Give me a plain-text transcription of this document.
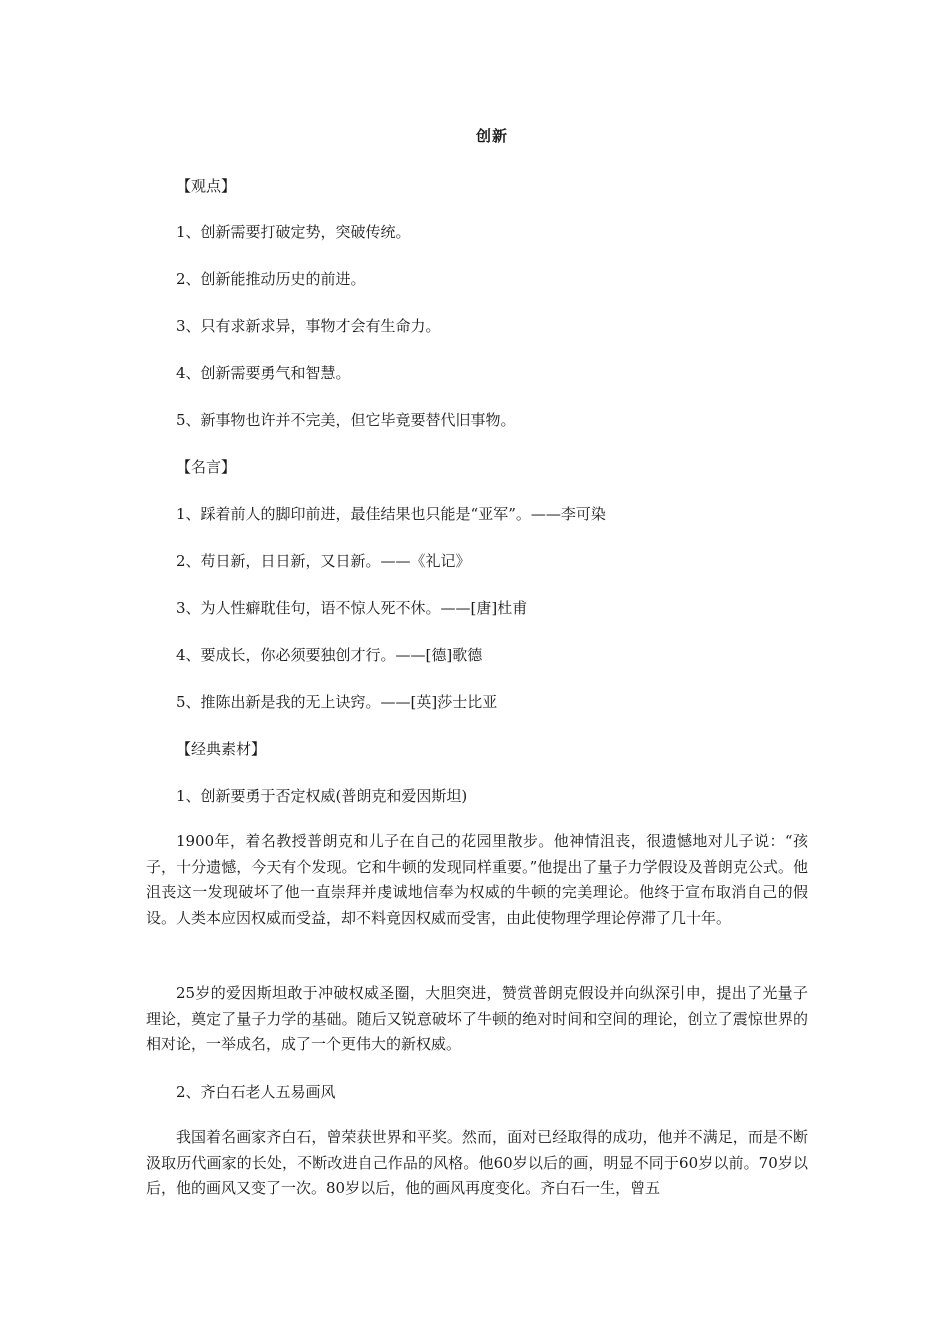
创新
【观点】
1、创新需要打破定势，突破传统。
2、创新能推动历史的前进。
3、只有求新求异，事物才会有生命力。
4、创新需要勇气和智慧。
5、新事物也许并不完美，但它毕竟要替代旧事物。
【名言】
1、踩着前人的脚印前进，最佳结果也只能是“亚军”。——李可染
2、苟日新，日日新，又日新。——《礼记》
3、为人性癖耽佳句，语不惊人死不休。——[唐]杜甫
4、要成长，你必须要独创才行。——[德]歌德
5、推陈出新是我的无上诀窍。——[英]莎士比亚
【经典素材】
1、创新要勇于否定权威(普朗克和爱因斯坦)

1900年，着名教授普朗克和儿子在自己的花园里散步。他神情沮丧，很遗憾地对儿子说：“孩子，十分遗憾，今天有个发现。它和牛顿的发现同样重要。”他提出了量子力学假设及普朗克公式。他沮丧这一发现破坏了他一直崇拜并虔诚地信奉为权威的牛顿的完美理论。他终于宣布取消自己的假设。人类本应因权威而受益，却不料竟因权威而受害，由此使物理学理论停滞了几十年。

25岁的爱因斯坦敢于冲破权威圣圈，大胆突进，赞赏普朗克假设并向纵深引申，提出了光量子理论，奠定了量子力学的基础。随后又锐意破坏了牛顿的绝对时间和空间的理论，创立了震惊世界的相对论，一举成名，成了一个更伟大的新权威。

2、齐白石老人五易画风

我国着名画家齐白石，曾荣获世界和平奖。然而，面对已经取得的成功，他并不满足，而是不断汲取历代画家的长处，不断改进自己作品的风格。他60岁以后的画，明显不同于60岁以前。70岁以后，他的画风又变了一次。80岁以后，他的画风再度变化。齐白石一生，曾五
